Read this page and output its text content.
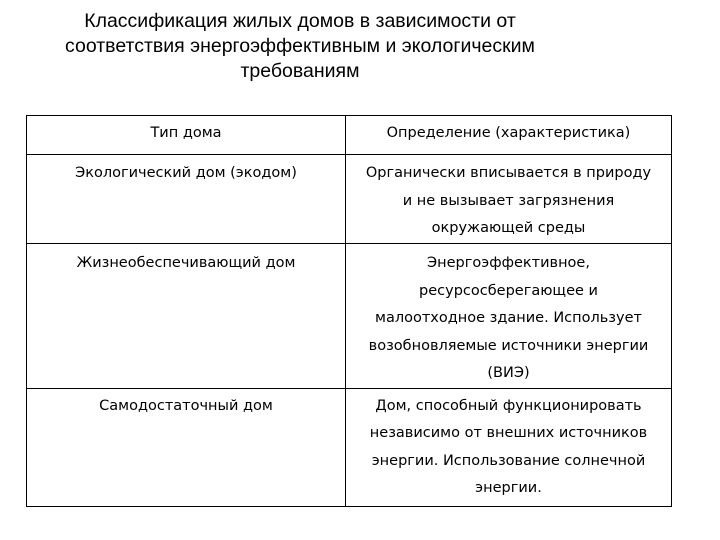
Классификация жилых домов в зависимости от
соответствия энергоэффективным и экологическим
требованиям
Тип дома	Определение (характеристика)

Экологический дом (экодом)	Органически вписывается в природу
и не вызывает загрязнения
окружающей среды

Жизнеобеспечивающий дом	Энергоэффективное,
ресурсосберегающее и
малоотходное здание. Использует
возобновляемые источники энергии
(ВИЭ)

Самодостаточный дом	Дом, способный функционировать
независимо от внешних источников
энергии. Использование солнечной
энергии.
